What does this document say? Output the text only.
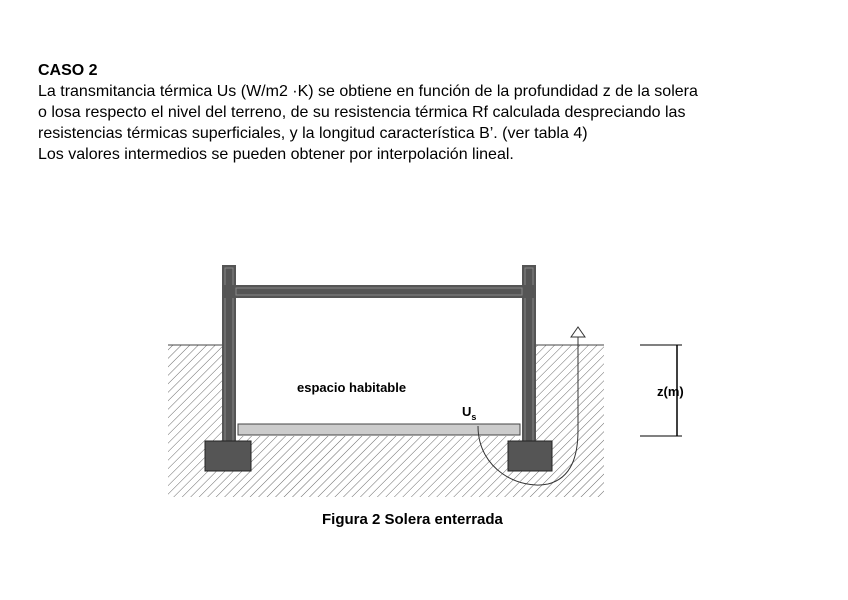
CASO 2
La transmitancia térmica Us (W/m2 ·K) se obtiene en función de la profundidad z de la solera
o losa respecto el nivel del terreno, de su resistencia térmica Rf calculada despreciando las
resistencias térmicas superficiales, y la longitud característica B’. (ver tabla 4)
Los valores intermedios se pueden obtener por interpolación lineal.
espacio habitable
$U_s$
z(m)
Figura 2 Solera enterrada
